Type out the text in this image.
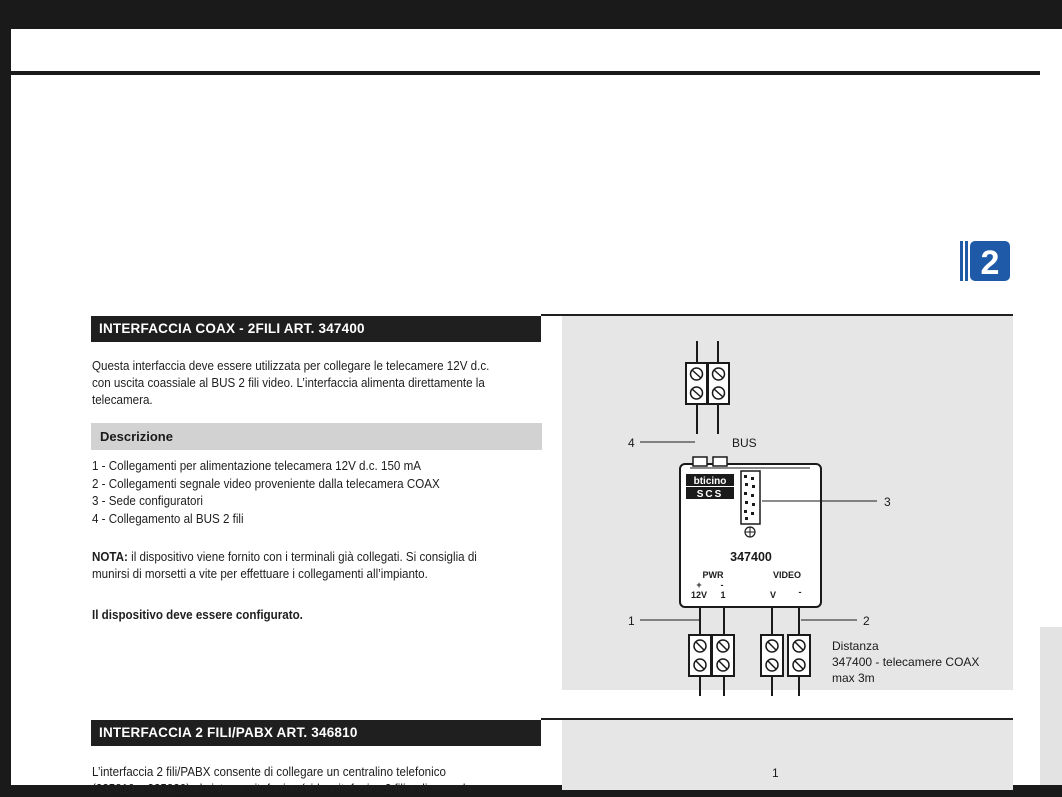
2
INTERFACCIA COAX - 2FILI ART. 347400
Questa interfaccia deve essere utilizzata per collegare le telecamere 12V d.c.
con uscita coassiale al BUS 2 fili video. L’interfaccia alimenta direttamente la
telecamera.
Descrizione
1 - Collegamenti per alimentazione telecamera 12V d.c. 150 mA
2 - Collegamenti segnale video proveniente dalla telecamera COAX
3 - Sede configuratori
4 - Collegamento al BUS 2 fili
NOTA: il dispositivo viene fornito con i terminali già collegati. Si consiglia di
munirsi di morsetti a vite per effettuare i collegamenti all’impianto.
Il dispositivo deve essere configurato.
4	BUS
bticino
SCS
3
347400
PWR	VIDEO
+ -
12V 1	V -
1	2
Distanza
347400 - telecamere COAX
max 3m
INTERFACCIA 2 FILI/PABX ART. 346810
L’interfaccia 2 fili/PABX consente di collegare un centralino telefonico
(335810 o 335820) al sistema citofonico (videocitofonico 2 fili e di avere la
1
